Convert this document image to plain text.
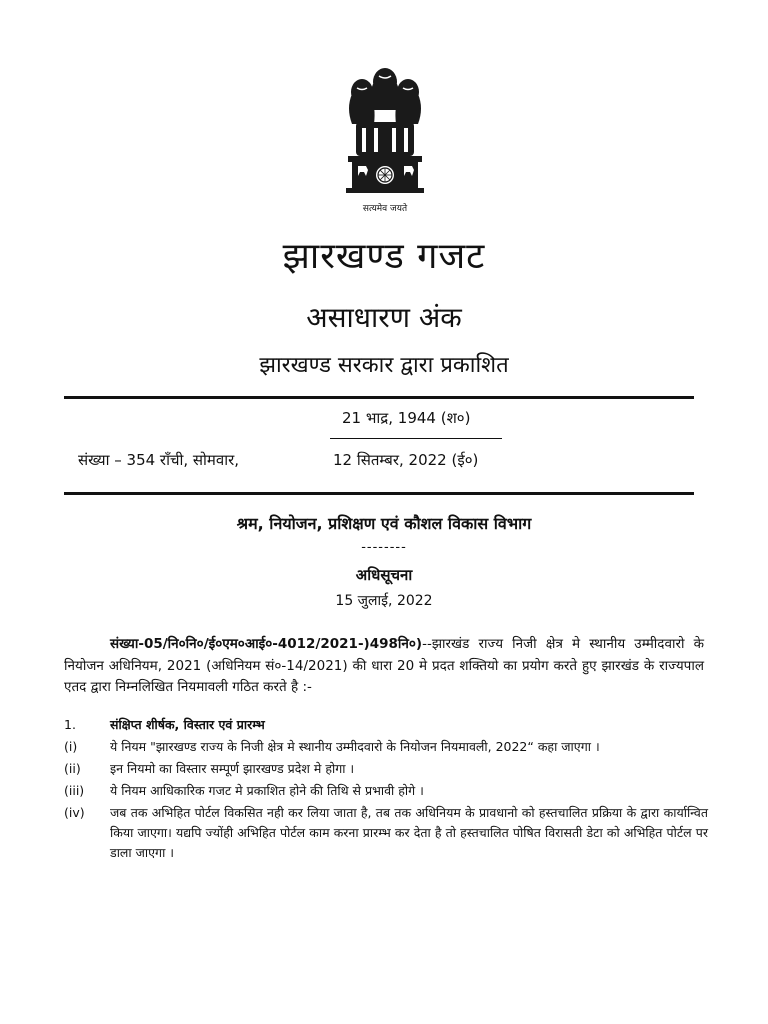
सत्यमेव जयते
झारखण्ड गजट
असाधारण अंक
झारखण्ड सरकार द्वारा प्रकाशित
21 भाद्र, 1944 (श०)
संख्या – 354 राँची, सोमवार,	12 सितम्बर, 2022 (ई०)
श्रम, नियोजन, प्रशिक्षण एवं कौशल विकास विभाग
--------
अधिसूचना
15 जुलाई, 2022
संख्या-05/नि०नि०/ई०एम०आई०-4012/2021-)498नि०)--झारखंड राज्य निजी क्षेत्र मे स्थानीय उम्मीदवारो के नियोजन अधिनियम, 2021 (अधिनियम सं०-14/2021) की धारा 20 मे प्रदत शक्तियो का प्रयोग करते हुए झारखंड के राज्यपाल एतद द्वारा निम्नलिखित नियमावली गठित करते है :-
1.	संक्षिप्त शीर्षक, विस्तार एवं प्रारम्भ
(i)	ये नियम "झारखण्ड राज्य के निजी क्षेत्र मे स्थानीय उम्मीदवारो के नियोजन नियमावली, 2022“ कहा जाएगा ।
(ii) इन नियमो का विस्तार सम्पूर्ण झारखण्ड प्रदेश मे होगा ।
(iii) ये नियम आधिकारिक गजट मे प्रकाशित होने की तिथि से प्रभावी होगे ।
(iv) जब तक अभिहित पोर्टल विकसित नही कर लिया जाता है, तब तक अधिनियम के प्रावधानो को हस्तचालित प्रक्रिया के द्वारा कार्यान्वित किया जाएगा। यद्यपि ज्योंही अभिहित पोर्टल काम करना प्रारम्भ कर देता है तो हस्तचालित पोषित विरासती डेटा को अभिहित पोर्टल पर डाला जाएगा ।
